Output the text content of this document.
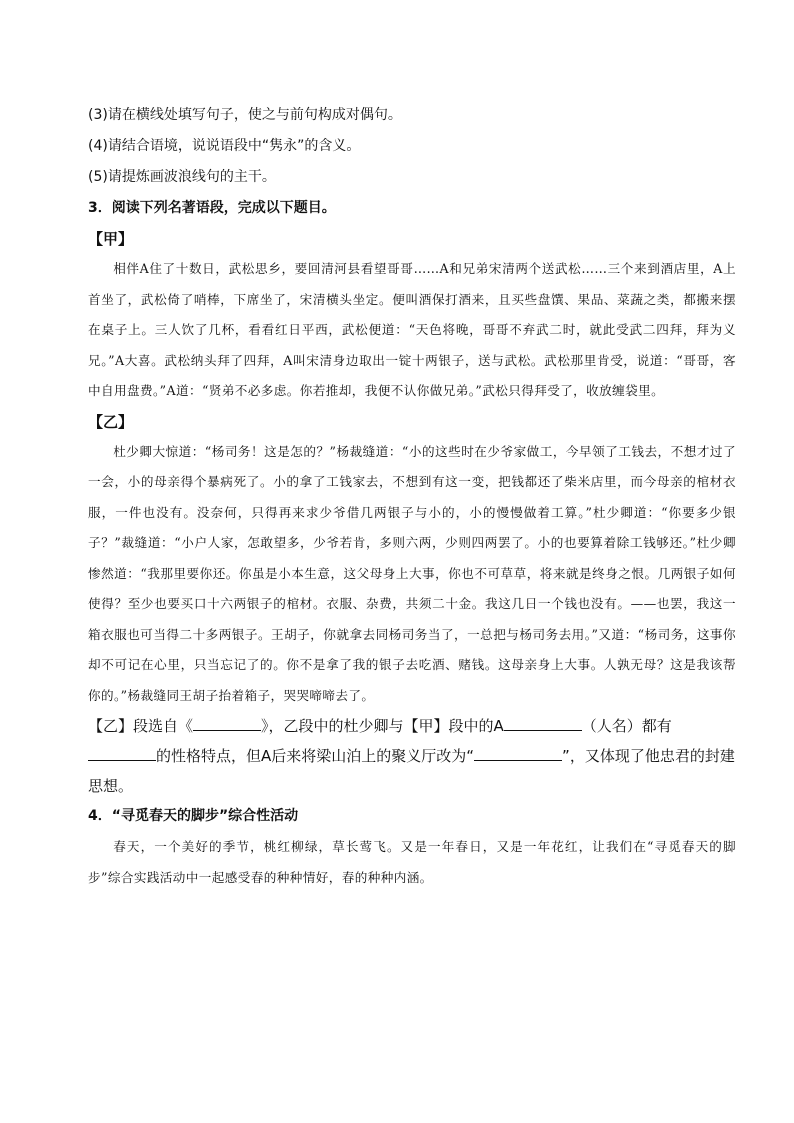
(3)请在横线处填写句子，使之与前句构成对偶句。

(4)请结合语境，说说语段中“隽永”的含义。

(5)请提炼画波浪线句的主干。

3．阅读下列名著语段，完成以下题目。

【甲】

相伴A住了十数日，武松思乡，要回清河县看望哥哥……A和兄弟宋清两个送武松……三个来到酒店里，A上首坐了，武松倚了哨棒，下席坐了，宋清横头坐定。便叫酒保打酒来，且买些盘馔、果品、菜蔬之类，都搬来摆在桌子上。三人饮了几杯，看看红日平西，武松便道：“天色将晚，哥哥不弃武二时，就此受武二四拜，拜为义兄。”A大喜。武松纳头拜了四拜，A叫宋清身边取出一锭十两银子，送与武松。武松那里肯受，说道：“哥哥，客中自用盘费。”A道：“贤弟不必多虑。你若推却，我便不认你做兄弟。”武松只得拜受了，收放缠袋里。

【乙】

杜少卿大惊道：“杨司务！这是怎的？”杨裁缝道：“小的这些时在少爷家做工，今早领了工钱去，不想才过了一会，小的母亲得个暴病死了。小的拿了工钱家去，不想到有这一变，把钱都还了柴米店里，而今母亲的棺材衣服，一件也没有。没奈何，只得再来求少爷借几两银子与小的，小的慢慢做着工算。”杜少卿道：“你要多少银子？”裁缝道：“小户人家，怎敢望多，少爷若肯，多则六两，少则四两罢了。小的也要算着除工钱够还。”杜少卿惨然道：“我那里要你还。你虽是小本生意，这父母身上大事，你也不可草草，将来就是终身之恨。几两银子如何使得？至少也要买口十六两银子的棺材。衣服、杂费，共须二十金。我这几日一个钱也没有。——也罢，我这一箱衣服也可当得二十多两银子。王胡子，你就拿去同杨司务当了，一总把与杨司务去用。”又道：“杨司务，这事你却不可记在心里，只当忘记了的。你不是拿了我的银子去吃酒、赌钱。这母亲身上大事。人孰无母？这是我该帮你的。”杨裁缝同王胡子抬着箱子，哭哭啼啼去了。

【乙】段选自《	》，乙段中的杜少卿与【甲】段中的A	（人名）都有的性格特点，但A后来将梁山泊上的聚义厅改为“	”，又体现了他忠君的封建思想。

4．“寻觅春天的脚步”综合性活动

春天，一个美好的季节，桃红柳绿，草长莺飞。又是一年春日，又是一年花红，让我们在“寻觅春天的脚步”综合实践活动中一起感受春的种种情好，春的种种内涵。
